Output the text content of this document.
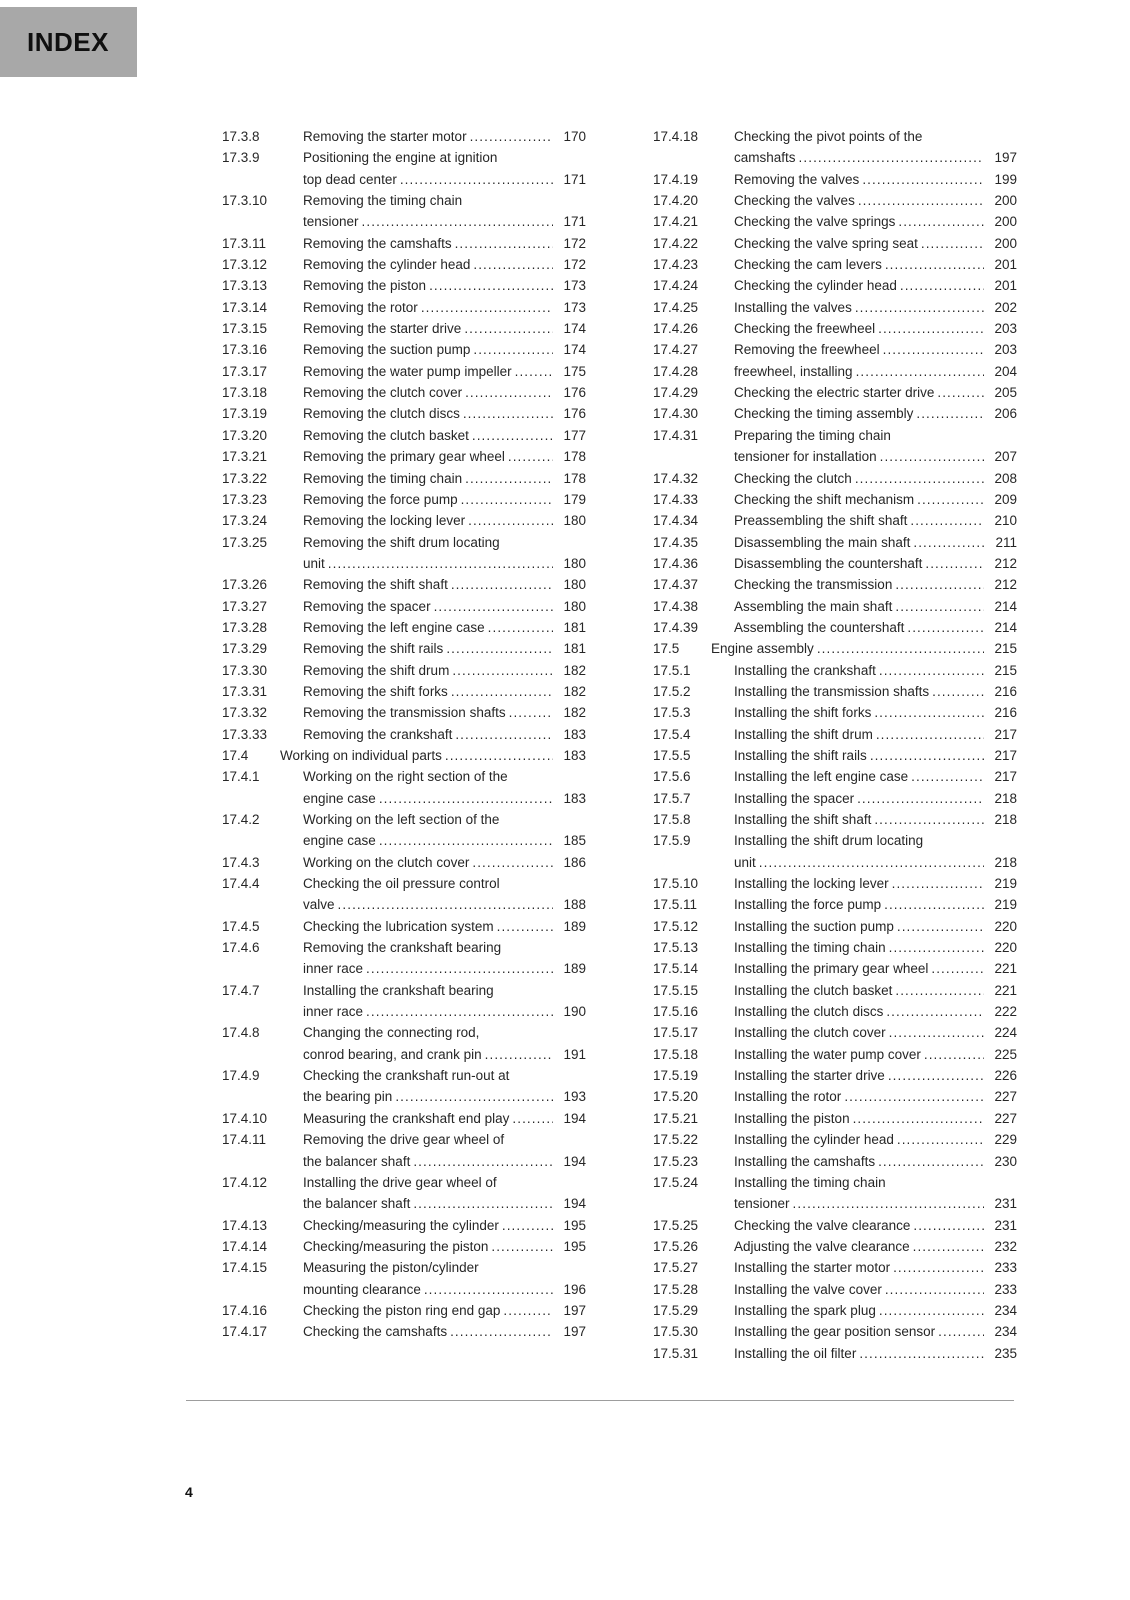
INDEX
17.3.8	Removing the starter motor .....	170
17.3.9	Positioning the engine at ignition
top dead center .....	171
17.3.10	Removing the timing chain
tensioner .....	171
17.3.11	Removing the camshafts .....	172
17.3.12	Removing the cylinder head .....	172
17.3.13	Removing the piston .....	173
17.3.14	Removing the rotor .....	173
17.3.15	Removing the starter drive .....	174
17.3.16	Removing the suction pump .....	174
17.3.17	Removing the water pump impeller .....	175
17.3.18	Removing the clutch cover .....	176
17.3.19	Removing the clutch discs .....	176
17.3.20	Removing the clutch basket .....	177
17.3.21	Removing the primary gear wheel .....	178
17.3.22	Removing the timing chain .....	178
17.3.23	Removing the force pump .....	179
17.3.24	Removing the locking lever .....	180
17.3.25	Removing the shift drum locating
unit .....	180
17.3.26	Removing the shift shaft .....	180
17.3.27	Removing the spacer .....	180
17.3.28	Removing the left engine case .....	181
17.3.29	Removing the shift rails .....	181
17.3.30	Removing the shift drum .....	182
17.3.31	Removing the shift forks .....	182
17.3.32	Removing the transmission shafts .....	182
17.3.33	Removing the crankshaft .....	183
17.4	Working on individual parts .....	183
17.4.1	Working on the right section of the
engine case .....	183
17.4.2	Working on the left section of the
engine case .....	185
17.4.3	Working on the clutch cover .....	186
17.4.4	Checking the oil pressure control
valve .....	188
17.4.5	Checking the lubrication system .....	189
17.4.6	Removing the crankshaft bearing
inner race .....	189
17.4.7	Installing the crankshaft bearing
inner race .....	190
17.4.8	Changing the connecting rod,
conrod bearing, and crank pin .....	191
17.4.9	Checking the crankshaft run-out at
the bearing pin .....	193
17.4.10	Measuring the crankshaft end play .....	194
17.4.11	Removing the drive gear wheel of
the balancer shaft .....	194
17.4.12	Installing the drive gear wheel of
the balancer shaft .....	194
17.4.13	Checking/measuring the cylinder .....	195
17.4.14	Checking/measuring the piston .....	195
17.4.15	Measuring the piston/cylinder
mounting clearance .....	196
17.4.16	Checking the piston ring end gap .....	197
17.4.17	Checking the camshafts .....	197
17.4.18	Checking the pivot points of the
camshafts .....	197
17.4.19	Removing the valves .....	199
17.4.20	Checking the valves .....	200
17.4.21	Checking the valve springs .....	200
17.4.22	Checking the valve spring seat .....	200
17.4.23	Checking the cam levers .....	201
17.4.24	Checking the cylinder head .....	201
17.4.25	Installing the valves .....	202
17.4.26	Checking the freewheel .....	203
17.4.27	Removing the freewheel .....	203
17.4.28	freewheel, installing .....	204
17.4.29	Checking the electric starter drive .....	205
17.4.30	Checking the timing assembly .....	206
17.4.31	Preparing the timing chain
tensioner for installation .....	207
17.4.32	Checking the clutch .....	208
17.4.33	Checking the shift mechanism .....	209
17.4.34	Preassembling the shift shaft .....	210
17.4.35	Disassembling the main shaft .....	211
17.4.36	Disassembling the countershaft .....	212
17.4.37	Checking the transmission .....	212
17.4.38	Assembling the main shaft .....	214
17.4.39	Assembling the countershaft .....	214
17.5	Engine assembly .....	215
17.5.1	Installing the crankshaft .....	215
17.5.2	Installing the transmission shafts .....	216
17.5.3	Installing the shift forks .....	216
17.5.4	Installing the shift drum .....	217
17.5.5	Installing the shift rails .....	217
17.5.6	Installing the left engine case .....	217
17.5.7	Installing the spacer .....	218
17.5.8	Installing the shift shaft .....	218
17.5.9	Installing the shift drum locating
unit .....	218
17.5.10	Installing the locking lever .....	219
17.5.11	Installing the force pump .....	219
17.5.12	Installing the suction pump .....	220
17.5.13	Installing the timing chain .....	220
17.5.14	Installing the primary gear wheel .....	221
17.5.15	Installing the clutch basket .....	221
17.5.16	Installing the clutch discs .....	222
17.5.17	Installing the clutch cover .....	224
17.5.18	Installing the water pump cover .....	225
17.5.19	Installing the starter drive .....	226
17.5.20	Installing the rotor .....	227
17.5.21	Installing the piston .....	227
17.5.22	Installing the cylinder head .....	229
17.5.23	Installing the camshafts .....	230
17.5.24	Installing the timing chain
tensioner .....	231
17.5.25	Checking the valve clearance .....	231
17.5.26	Adjusting the valve clearance .....	232
17.5.27	Installing the starter motor .....	233
17.5.28	Installing the valve cover .....	233
17.5.29	Installing the spark plug .....	234
17.5.30	Installing the gear position sensor .....	234
17.5.31	Installing the oil filter .....	235
4
